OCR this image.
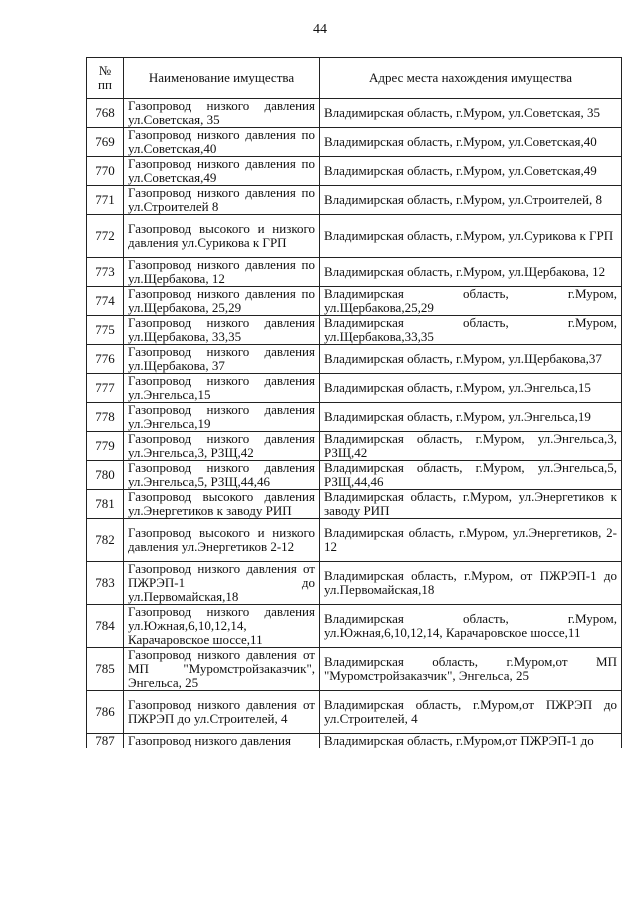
44
№ пп	Наименование имущества	Адрес места нахождения имущества
768	Газопровод низкого давления ул.Советская, 35	Владимирская область, г.Муром, ул.Советская, 35
769	Газопровод низкого давления по ул.Советская,40	Владимирская область, г.Муром, ул.Советская,40
770	Газопровод низкого давления по ул.Советская,49	Владимирская область, г.Муром, ул.Советская,49
771	Газопровод низкого давления по ул.Строителей 8	Владимирская область, г.Муром, ул.Строителей, 8
772	Газопровод высокого и низкого давления ул.Сурикова к ГРП	Владимирская область, г.Муром, ул.Сурикова к ГРП
773	Газопровод низкого давления по ул.Щербакова, 12	Владимирская область, г.Муром, ул.Щербакова, 12
774	Газопровод низкого давления по ул.Щербакова, 25,29	Владимирская область, г.Муром, ул.Щербакова,25,29
775	Газопровод низкого давления ул.Щербакова, 33,35	Владимирская область, г.Муром, ул.Щербакова,33,35
776	Газопровод низкого давления ул.Щербакова, 37	Владимирская область, г.Муром, ул.Щербакова,37
777	Газопровод низкого давления ул.Энгельса,15	Владимирская область, г.Муром, ул.Энгельса,15
778	Газопровод низкого давления ул.Энгельса,19	Владимирская область, г.Муром, ул.Энгельса,19
779	Газопровод низкого давления ул.Энгельса,3, РЗЩ,42	Владимирская область, г.Муром, ул.Энгельса,3, РЗЩ,42
780	Газопровод низкого давления ул.Энгельса,5, РЗЩ,44,46	Владимирская область, г.Муром, ул.Энгельса,5, РЗЩ,44,46
781	Газопровод высокого давления ул.Энергетиков к заводу РИП	Владимирская область, г.Муром, ул.Энергетиков к заводу РИП
782	Газопровод высокого и низкого давления ул.Энергетиков 2-12	Владимирская область, г.Муром, ул.Энергетиков, 2-12
783	Газопровод низкого давления от ПЖРЭП-1 до ул.Первомайская,18	Владимирская область, г.Муром, от ПЖРЭП-1 до ул.Первомайская,18
784	Газопровод низкого давления ул.Южная,6,10,12,14, Карачаровское шоссе,11	Владимирская область, г.Муром, ул.Южная,6,10,12,14, Карачаровское шоссе,11
785	Газопровод низкого давления от МП "Муромстройзаказчик", Энгельса, 25	Владимирская область, г.Муром,от МП "Муромстройзаказчик", Энгельса, 25
786	Газопровод низкого давления от ПЖРЭП до ул.Строителей, 4	Владимирская область, г.Муром,от ПЖРЭП до ул.Строителей, 4
787	Газопровод низкого давления	Владимирская область, г.Муром,от ПЖРЭП-1 до
